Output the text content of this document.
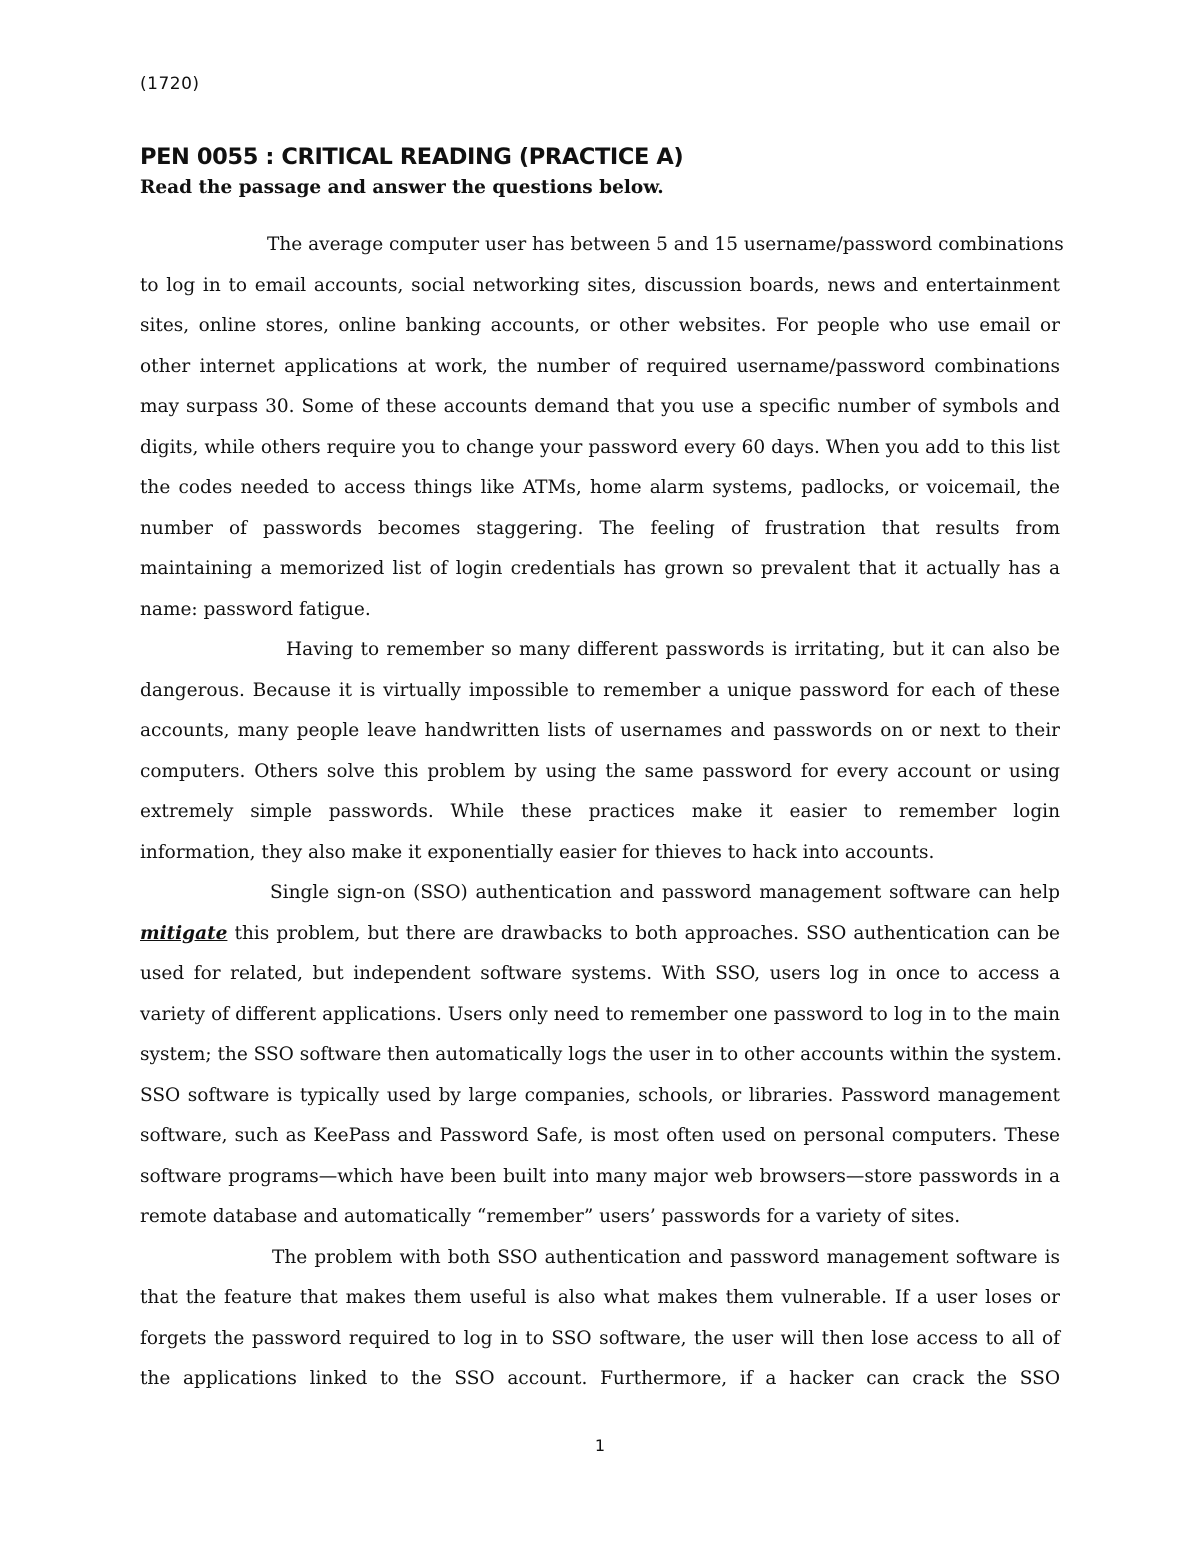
(1720)
PEN 0055 : CRITICAL READING (PRACTICE A)

Read the passage and answer the questions below.

The average computer user has between 5 and 15 username/password combinations
to log in to email accounts, social networking sites, discussion boards, news and entertainment
sites, online stores, online banking accounts, or other websites. For people who use email or
other internet applications at work, the number of required username/password combinations
may surpass 30. Some of these accounts demand that you use a specific number of symbols and
digits, while others require you to change your password every 60 days. When you add to this list
the codes needed to access things like ATMs, home alarm systems, padlocks, or voicemail, the
number of passwords becomes staggering. The feeling of frustration that results from
maintaining a memorized list of login credentials has grown so prevalent that it actually has a
name: password fatigue.
Having to remember so many different passwords is irritating, but it can also be
dangerous. Because it is virtually impossible to remember a unique password for each of these
accounts, many people leave handwritten lists of usernames and passwords on or next to their
computers. Others solve this problem by using the same password for every account or using
extremely simple passwords. While these practices make it easier to remember login
information, they also make it exponentially easier for thieves to hack into accounts.
Single sign-on (SSO) authentication and password management software can help
mitigate this problem, but there are drawbacks to both approaches. SSO authentication can be
used for related, but independent software systems. With SSO, users log in once to access a
variety of different applications. Users only need to remember one password to log in to the main
system; the SSO software then automatically logs the user in to other accounts within the system.
SSO software is typically used by large companies, schools, or libraries. Password management
software, such as KeePass and Password Safe, is most often used on personal computers. These
software programs—which have been built into many major web browsers—store passwords in a
remote database and automatically “remember” users’ passwords for a variety of sites.
The problem with both SSO authentication and password management software is
that the feature that makes them useful is also what makes them vulnerable. If a user loses or
forgets the password required to log in to SSO software, the user will then lose access to all of
the applications linked to the SSO account. Furthermore, if a hacker can crack the SSO
1
